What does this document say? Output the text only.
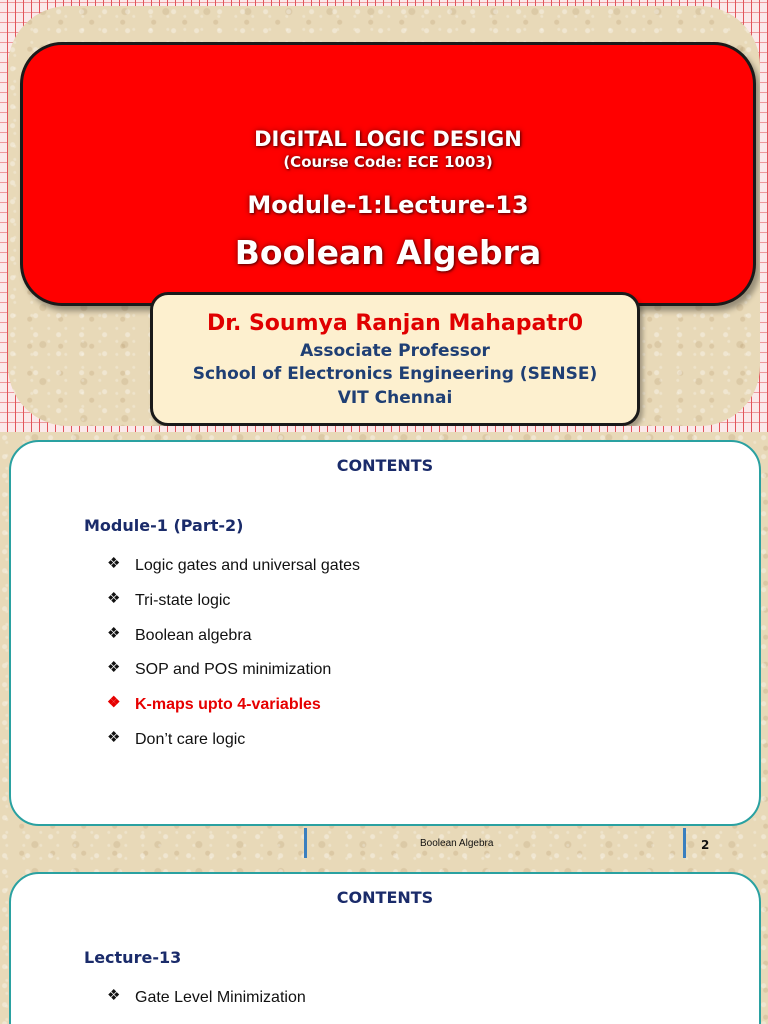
DIGITAL LOGIC DESIGN
(Course Code: ECE 1003)
Module-1:Lecture-13
Boolean Algebra
Dr. Soumya Ranjan Mahapatr0
Associate Professor
School of Electronics Engineering (SENSE)
VIT Chennai
CONTENTS
Module-1 (Part-2)
❖ Logic gates and universal gates
❖ Tri-state logic
❖ Boolean algebra
❖ SOP and POS minimization
❖ K-maps upto 4-variables
❖ Don’t care logic
Boolean Algebra	2
CONTENTS
Lecture-13
❖ Gate Level Minimization
